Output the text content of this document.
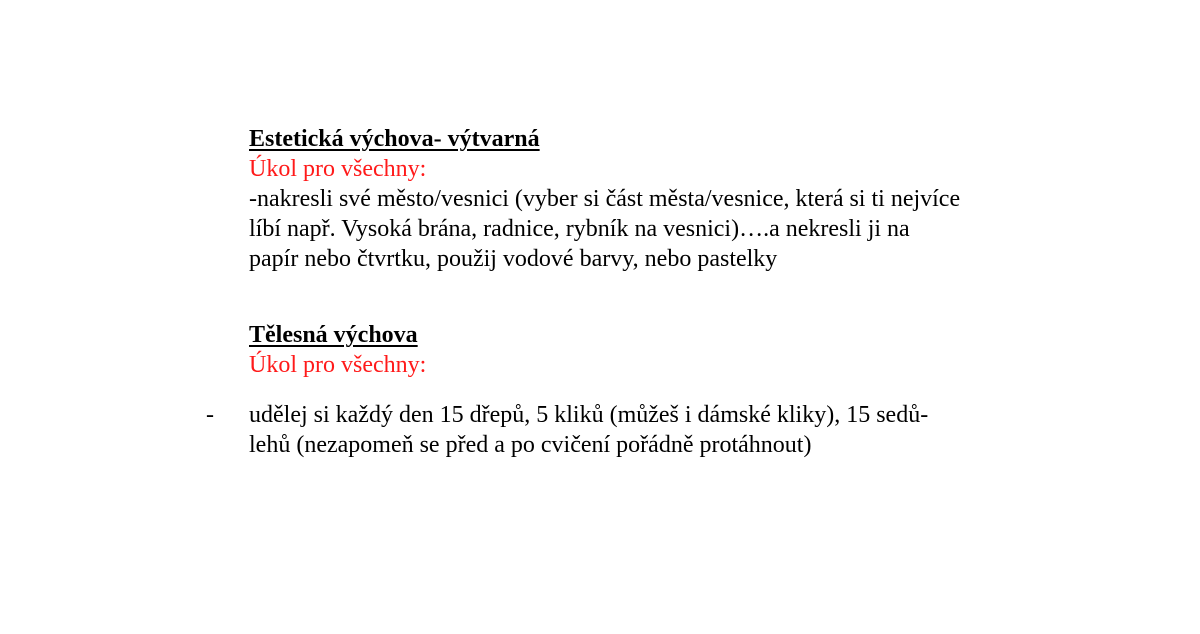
Estetická výchova- výtvarná
Úkol pro všechny:
-nakresli své město/vesnici (vyber si část města/vesnice, která si ti nejvíce
líbí např. Vysoká brána, radnice, rybník na vesnici)….a nekresli ji na
papír nebo čtvrtku, použij vodové barvy, nebo pastelky
Tělesná výchova
Úkol pro všechny:
- udělej si každý den 15 dřepů, 5 kliků (můžeš i dámské kliky), 15 sedů-
lehů (nezapomeň se před a po cvičení pořádně protáhnout)
